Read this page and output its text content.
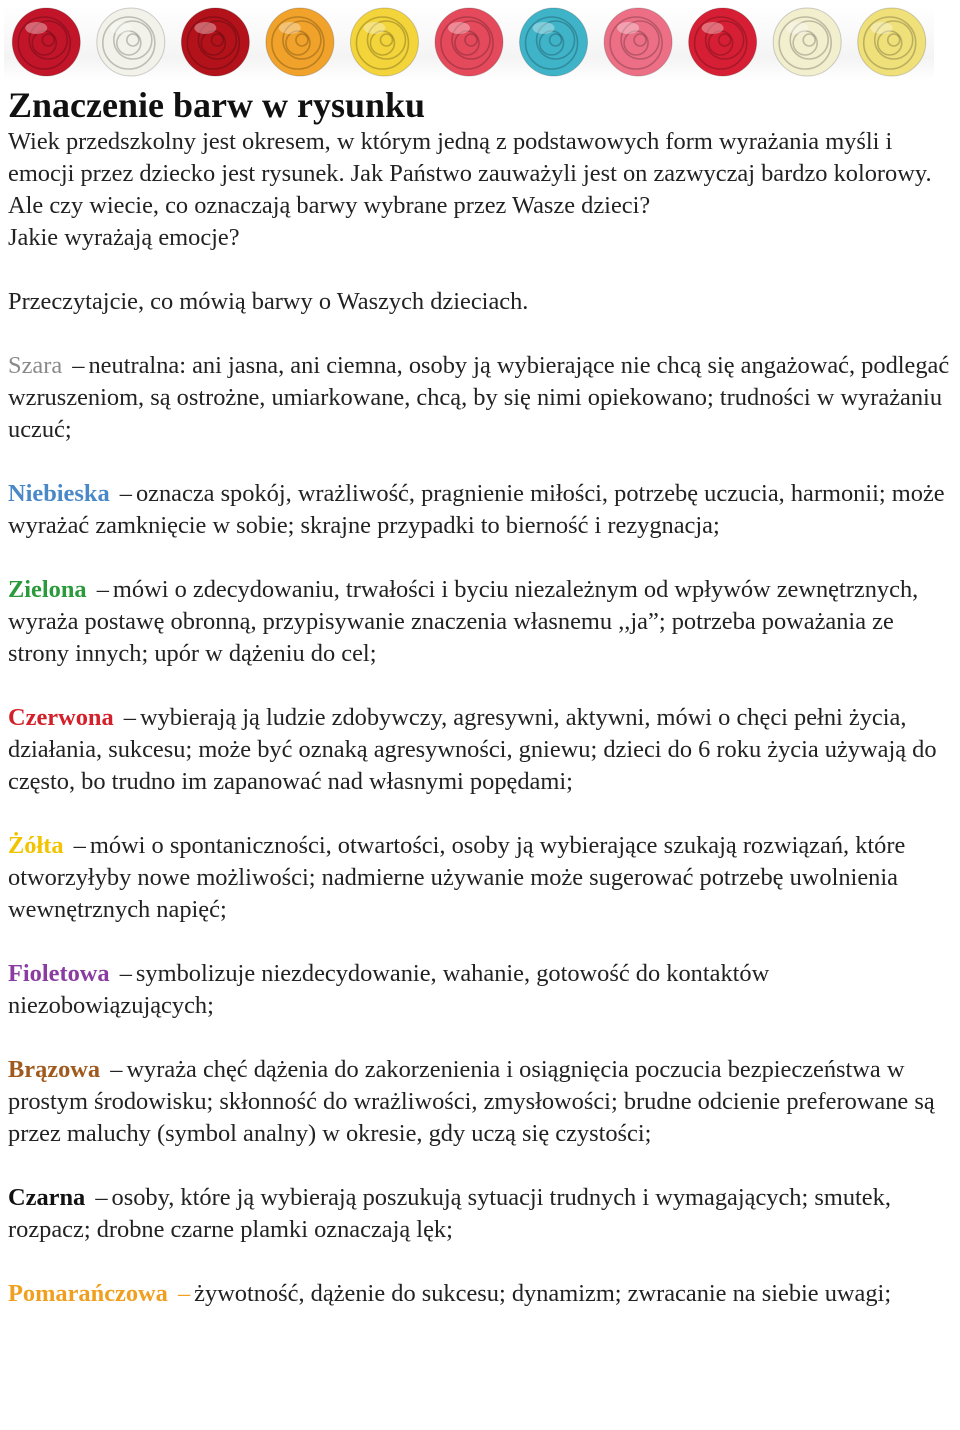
Znaczenie barw w rysunku

Wiek przedszkolny jest okresem, w którym jedną z podstawowych form wyrażania myśli i emocji przez dziecko jest rysunek. Jak Państwo zauważyli jest on zazwyczaj bardzo kolorowy.

Ale czy wiecie, co oznaczają barwy wybrane przez Wasze dzieci?

Jakie wyrażają emocje?

Przeczytajcie, co mówią barwy o Waszych dzieciach.

Szara – neutralna: ani jasna, ani ciemna, osoby ją wybierające nie chcą się angażować, podlegać wzruszeniom, są ostrożne, umiarkowane, chcą, by się nimi opiekowano; trudności w wyrażaniu uczuć;

Niebieska – oznacza spokój, wrażliwość, pragnienie miłości, potrzebę uczucia, harmonii; może wyrażać zamknięcie w sobie; skrajne przypadki to bierność i rezygnacja;

Zielona – mówi o zdecydowaniu, trwałości i byciu niezależnym od wpływów zewnętrznych, wyraża postawę obronną, przypisywanie znaczenia własnemu ,,ja”; potrzeba poważania ze strony innych; upór w dążeniu do cel;

Czerwona – wybierają ją ludzie zdobywczy, agresywni, aktywni, mówi o chęci pełni życia, działania, sukcesu; może być oznaką agresywności, gniewu; dzieci do 6 roku życia używają do często, bo trudno im zapanować nad własnymi popędami;

Żółta – mówi o spontaniczności, otwartości, osoby ją wybierające szukają rozwiązań, które otworzyłyby nowe możliwości; nadmierne używanie może sugerować potrzebę uwolnienia wewnętrznych napięć;

Fioletowa – symbolizuje niezdecydowanie, wahanie, gotowość do kontaktów niezobowiązujących;

Brązowa – wyraża chęć dążenia do zakorzenienia i osiągnięcia poczucia bezpieczeństwa w prostym środowisku; skłonność do wrażliwości, zmysłowości; brudne odcienie preferowane są przez maluchy (symbol analny) w okresie, gdy uczą się czystości;

Czarna – osoby, które ją wybierają poszukują sytuacji trudnych i wymagających; smutek, rozpacz; drobne czarne plamki oznaczają lęk;

Pomarańczowa – żywotność, dążenie do sukcesu; dynamizm; zwracanie na siebie uwagi;
